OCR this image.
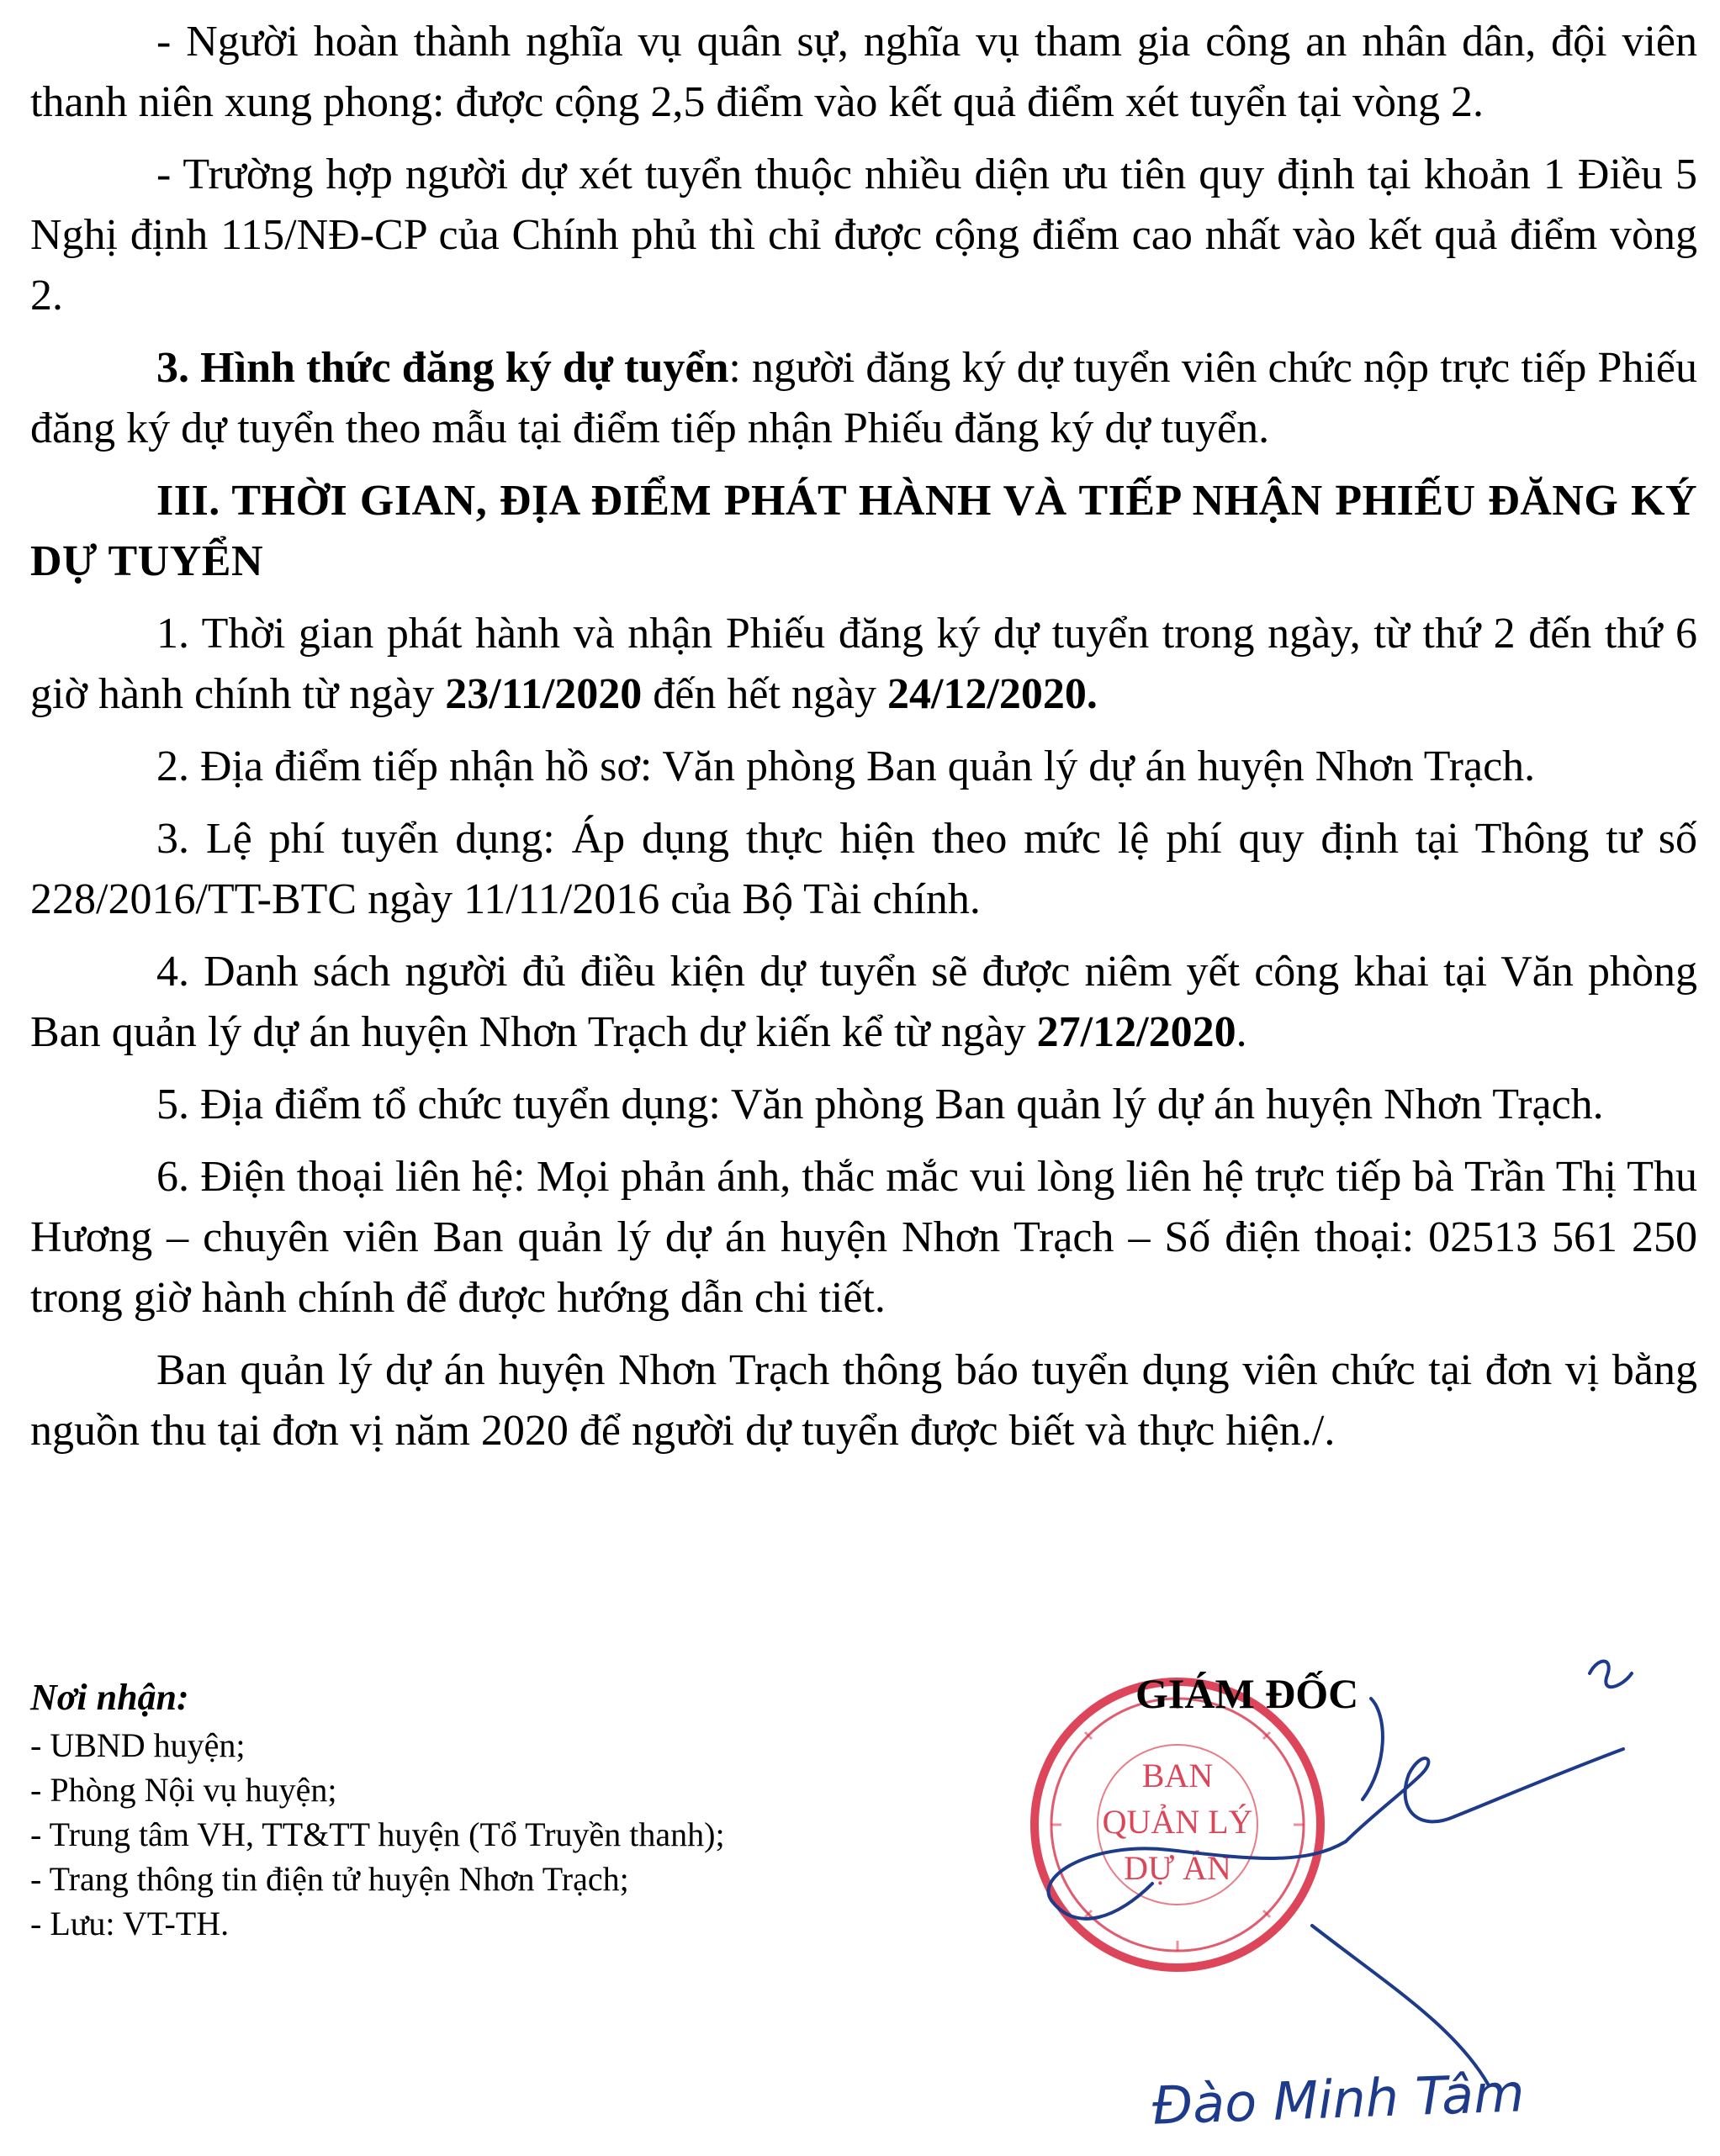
- Người hoàn thành nghĩa vụ quân sự, nghĩa vụ tham gia công an nhân dân, đội viên thanh niên xung phong: được cộng 2,5 điểm vào kết quả điểm xét tuyển tại vòng 2.

- Trường hợp người dự xét tuyển thuộc nhiều diện ưu tiên quy định tại khoản 1 Điều 5 Nghị định 115/NĐ-CP của Chính phủ thì chỉ được cộng điểm cao nhất vào kết quả điểm vòng 2.

3. Hình thức đăng ký dự tuyển: người đăng ký dự tuyển viên chức nộp trực tiếp Phiếu đăng ký dự tuyển theo mẫu tại điểm tiếp nhận Phiếu đăng ký dự tuyển.

III. THỜI GIAN, ĐỊA ĐIỂM PHÁT HÀNH VÀ TIẾP NHẬN PHIẾU ĐĂNG KÝ DỰ TUYỂN

1. Thời gian phát hành và nhận Phiếu đăng ký dự tuyển trong ngày, từ thứ 2 đến thứ 6 giờ hành chính từ ngày 23/11/2020 đến hết ngày 24/12/2020.

2. Địa điểm tiếp nhận hồ sơ: Văn phòng Ban quản lý dự án huyện Nhơn Trạch.

3. Lệ phí tuyển dụng: Áp dụng thực hiện theo mức lệ phí quy định tại Thông tư số 228/2016/TT-BTC ngày 11/11/2016 của Bộ Tài chính.

4. Danh sách người đủ điều kiện dự tuyển sẽ được niêm yết công khai tại Văn phòng Ban quản lý dự án huyện Nhơn Trạch dự kiến kể từ ngày 27/12/2020.

5. Địa điểm tổ chức tuyển dụng: Văn phòng Ban quản lý dự án huyện Nhơn Trạch.

6. Điện thoại liên hệ: Mọi phản ánh, thắc mắc vui lòng liên hệ trực tiếp bà Trần Thị Thu Hương – chuyên viên Ban quản lý dự án huyện Nhơn Trạch – Số điện thoại: 02513 561 250 trong giờ hành chính để được hướng dẫn chi tiết.

Ban quản lý dự án huyện Nhơn Trạch thông báo tuyển dụng viên chức tại đơn vị bằng nguồn thu tại đơn vị năm 2020 để người dự tuyển được biết và thực hiện./.

Nơi nhận:

- UBND huyện;

- Phòng Nội vụ huyện;

- Trung tâm VH, TT&TT huyện (Tổ Truyền thanh);

- Trang thông tin điện tử huyện Nhơn Trạch;

- Lưu: VT-TH.

BAN
QUẢN LÝ
DỰ ÁN
GIÁM ĐỐC
Đào Minh Tâm
